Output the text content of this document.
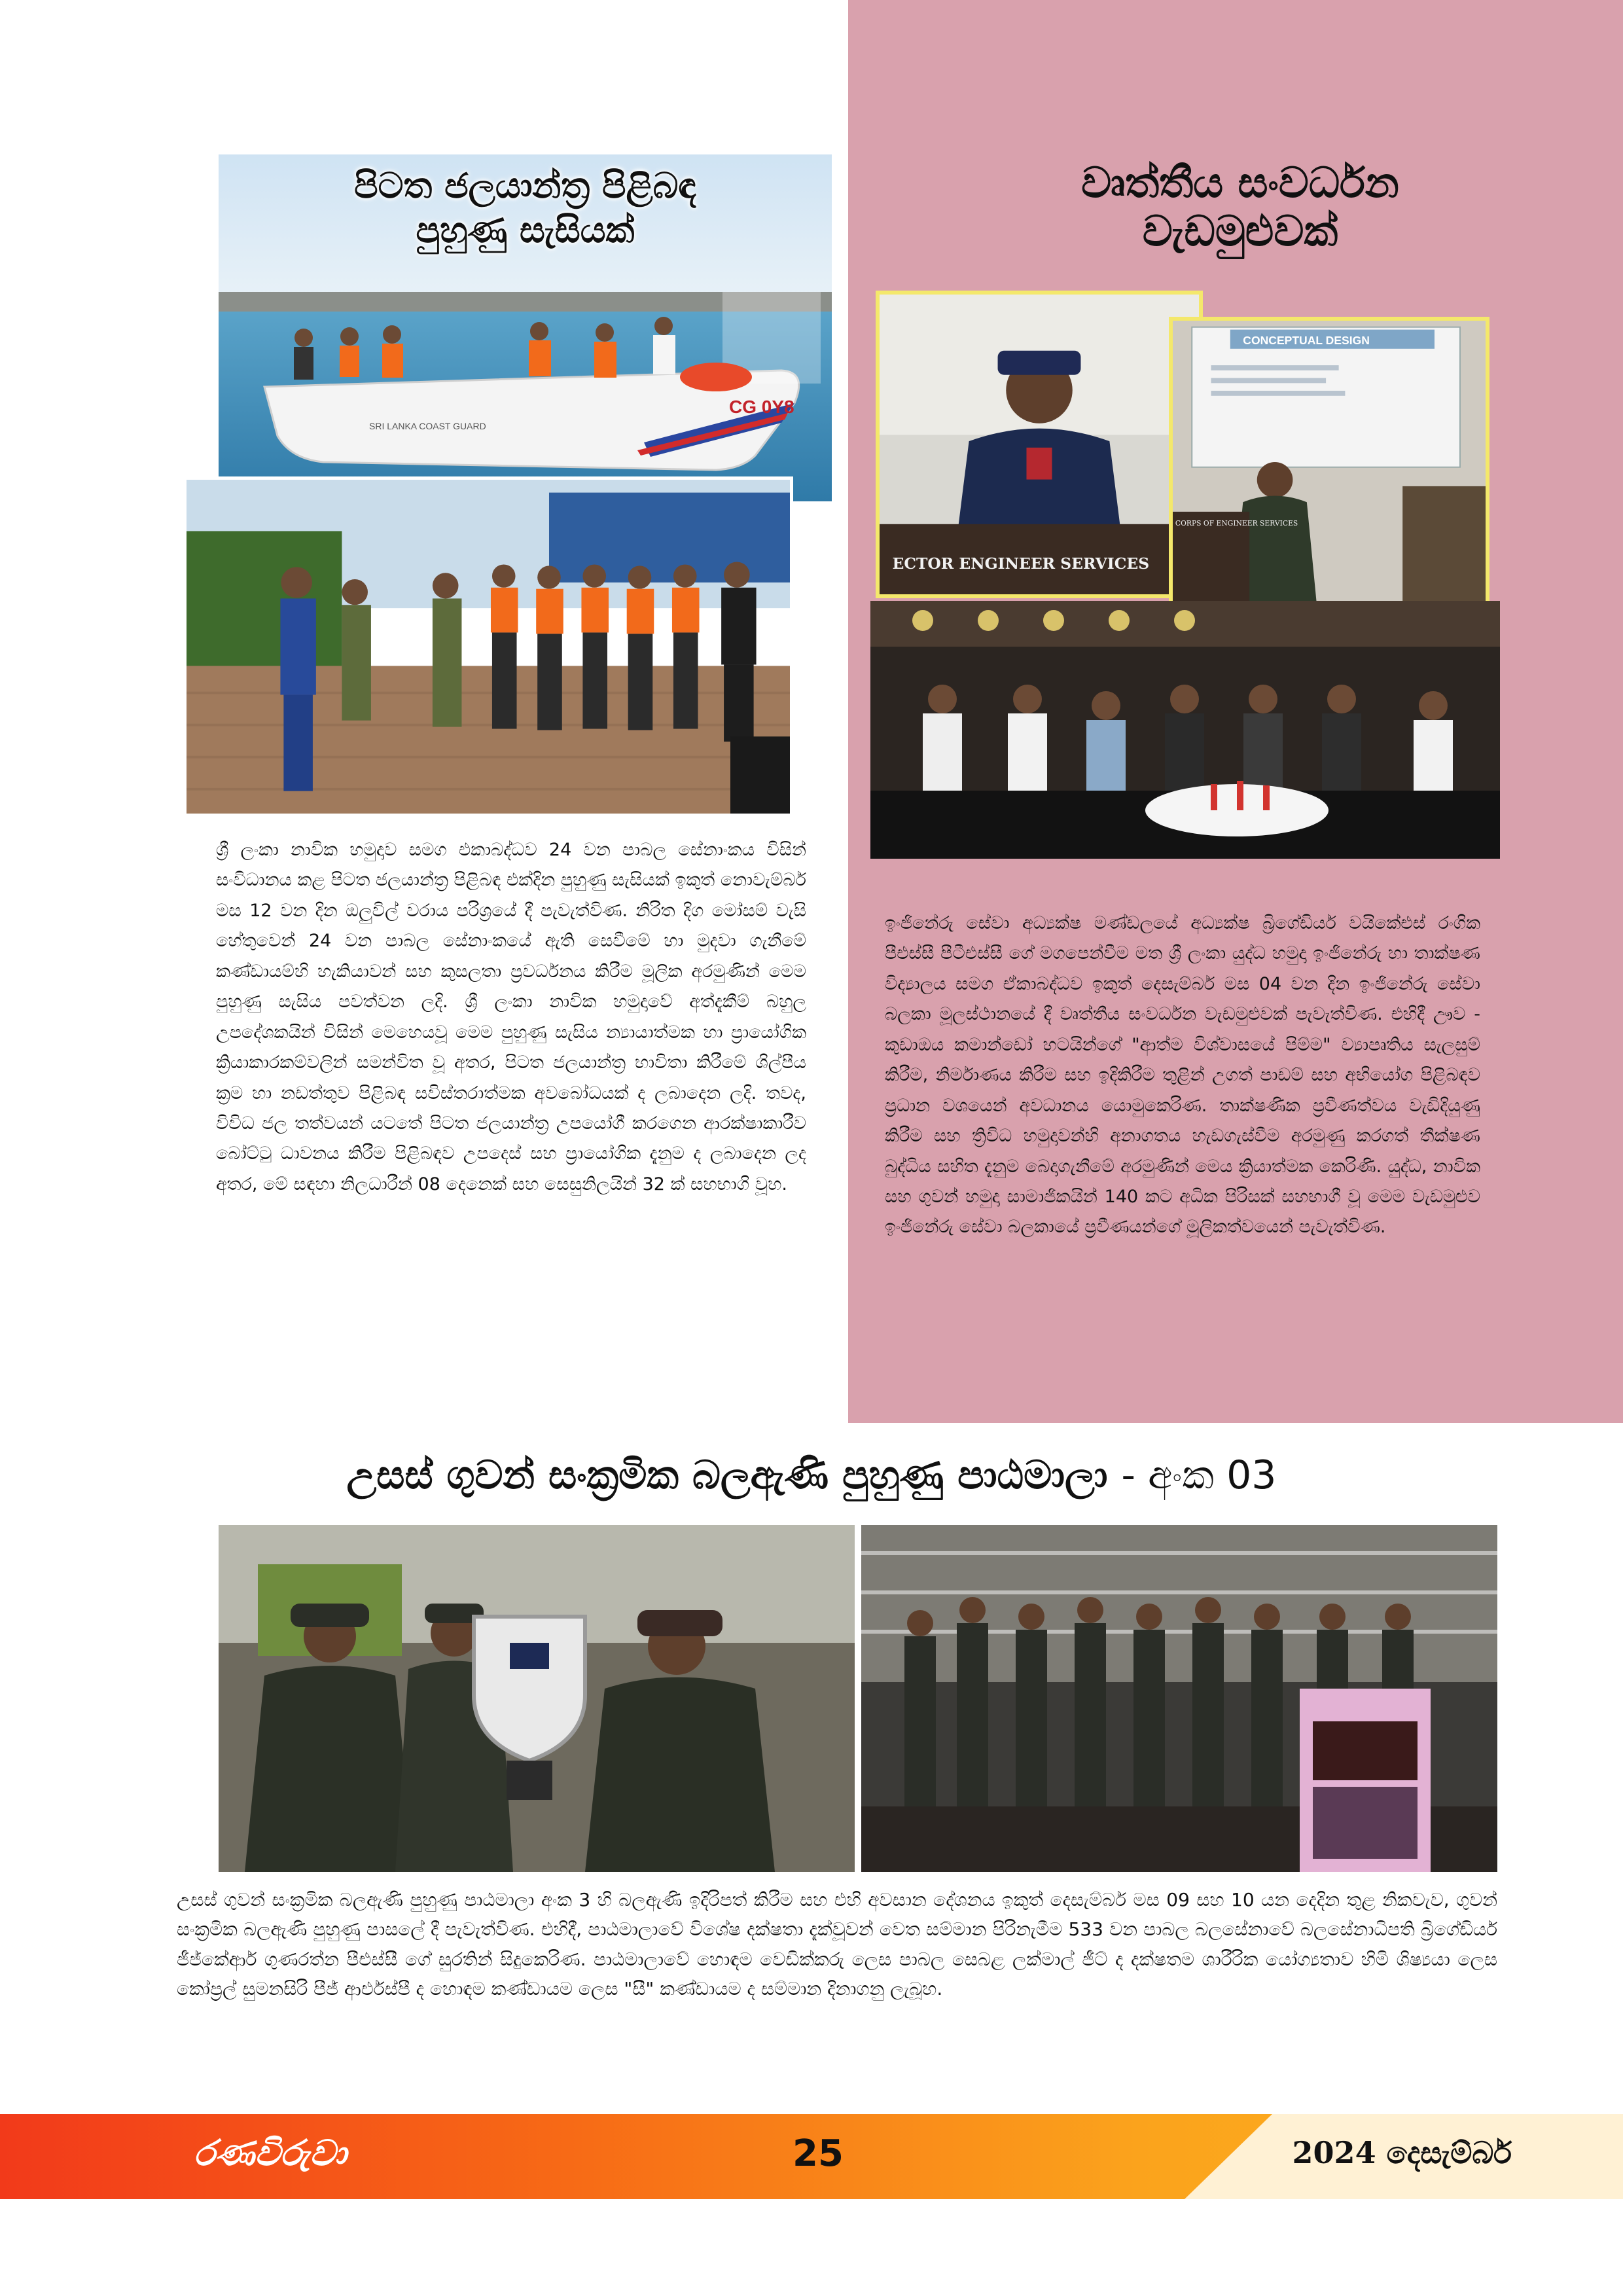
SRI LANKA COAST GUARD
CG 0Y8
පිටත ජලයාන්ත්‍ර පිළිබඳ
පුහුණු සැසියක්

ශ්‍රී ලංකා නාවික හමුදාව සමග එකාබද්ධව 24 වන පාබල සේනාංකය විසින් සංවිධානය කළ පිටත ජලයාන්ත්‍ර පිළිබඳ එක්දින පුහුණු සැසියක් ඉකුත් නොවැම්බර් මස 12 වන දින ඔලුවිල් වරාය පරිශ්‍රයේ දී පැවැත්විණ. නිරිත දිග මෝසම් වැසි හේතුවෙන් 24 වන පාබල සේනාංකයේ ඇති සෙවීමේ හා මුදවා ගැනීමේ කණ්ඩායම්හි හැකියාවන් සහ කුසලතා ප්‍රවර්ධනය කිරීම මූලික අරමුණින් මෙම පුහුණු සැසිය පවත්වන ලදි. ශ්‍රී ලංකා නාවික හමුදාවේ අත්දැකීම් බහුල උපදේශකයින් විසින් මෙහෙයවූ මෙම පුහුණු සැසිය න්‍යායාත්මක හා ප්‍රායෝගික ක්‍රියාකාරකම්වලින් සමන්විත වූ අතර, පිටත ජලයාන්ත්‍ර භාවිතා කිරීමේ ශිල්පීය ක්‍රම හා නඩත්තුව පිළිබඳ සවිස්තරාත්මක අවබෝධයක් ද ලබාදෙන ලදි. තවද, විවිධ ජල තත්වයන් යටතේ පිටත ජලයාන්ත්‍ර උපයෝගී කරගෙන ආරක්ෂාකාරීව බෝට්ටු ධාවනය කිරීම පිළිබඳව උපදෙස් සහ ප්‍රායෝගික දැනුම ද ලබාදෙන ලද අතර, මේ සඳහා නිලධාරීන් 08 දෙනෙක් සහ සෙසුනිලයින් 32 ක් සහභාගි වූහ.

වෘත්තීය සංවර්ධන
වැඩමුළුවක්
ECTOR ENGINEER SERVICES
CONCEPTUAL DESIGN
CORPS OF ENGINEER SERVICES

ඉංජිනේරු සේවා අධ්‍යක්ෂ මණ්ඩලයේ අධ්‍යක්ෂ බ්‍රිගේඩියර් වයිකේඑස් රංගික පීඑස්සී පීටීඑස්සී ගේ මගපෙන්වීම මත ශ්‍රී ලංකා යුද්ධ හමුදා ඉංජිනේරු හා තාක්ෂණ විද්‍යාලය සමග ඒකාබද්ධව ඉකුත් දෙසැම්බර් මස 04 වන දින ඉංජිනේරු සේවා බලකා මූලස්ථානයේ දී වෘත්තීය සංවර්ධන වැඩමුළුවක් පැවැත්විණ. එහිදී ඌව - කුඩාඔය කමාන්ඩෝ හටයින්ගේ "ආත්ම විශ්වාසයේ පිම්ම" ව්‍යාපෘතිය සැලසුම් කිරීම, නිර්මාණය කිරීම සහ ඉදිකිරීම තුළින් උගත් පාඩම් සහ අභියෝග පිළිබඳව ප්‍රධාන වශයෙන් අවධානය යොමුකෙරිණ. තාක්ෂණික ප්‍රවීණත්වය වැඩිදියුණු කිරීම සහ ත්‍රිවිධ හමුදාවන්හි අනාගතය හැඩගැස්වීම අරමුණු කරගත් තීක්ෂණ බුද්ධිය සහිත දැනුම බෙදාගැනීමේ අරමුණින් මෙය ක්‍රියාත්මක කෙරිණි. යුද්ධ, නාවික සහ ගුවන් හමුදා සාමාජිකයින් 140 කට අධික පිරිසක් සහභාගී වූ මෙම වැඩමුළුව ඉංජිනේරු සේවා බලකායේ ප්‍රවීණයන්ගේ මූලිකත්වයෙන් පැවැත්විණ.

උසස් ගුවන් සංක්‍රමික බලඇණි පුහුණු පාඨමාලා - අංක 03

උසස් ගුවන් සංක්‍රමික බලඇණි පුහුණු පාඨමාලා අංක 3 හි බලඇණි ඉදිරිපත් කිරීම සහ එහි අවසාන දේශනය ඉකුත් දෙසැම්බර් මස 09 සහ 10 යන දෙදින තුළ නිකවැව, ගුවන් සංක්‍රමික බලඇණි පුහුණු පාසලේ දී පැවැත්විණ. එහිදී, පාඨමාලාවේ විශේෂ දක්ෂතා දැක්වූවන් වෙත සම්මාන පිරිනැමීම 533 වන පාබල බලසේනාවේ බලසේනාධිපති බ්‍රිගේඩියර් ජීජ්කේආර් ගුණරත්න පීඑස්සී ගේ සුරතින් සිදුකෙරිණ. පාඨමාලාවේ හොඳම වෙඩික්කරු ලෙස පාබල සෙබළ ලක්මාල් ජීට් ද දක්ෂතම ශාරීරික යෝග්‍යතාව හිමි ශිෂ්‍යයා ලෙස කෝප්‍රල් සුමනසිරි පීජ් ආර්එස්පී ද හොඳම කණ්ඩායම ලෙස "සී" කණ්ඩායම ද සම්මාන දිනාගනු ලැබූහ.

රණවිරුවා	25	2024 දෙසැම්බර්
